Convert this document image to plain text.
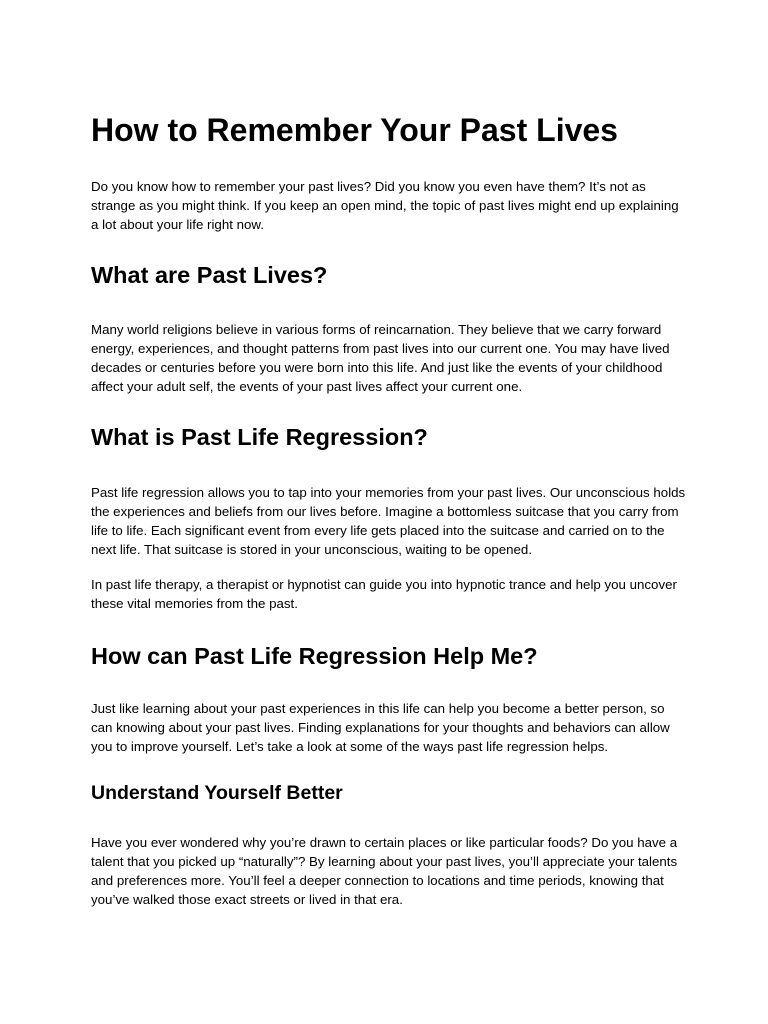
How to Remember Your Past Lives

Do you know how to remember your past lives? Did you know you even have them? It’s not as strange as you might think. If you keep an open mind, the topic of past lives might end up explaining a lot about your life right now.

What are Past Lives?

Many world religions believe in various forms of reincarnation. They believe that we carry forward energy, experiences, and thought patterns from past lives into our current one. You may have lived decades or centuries before you were born into this life. And just like the events of your childhood affect your adult self, the events of your past lives affect your current one.

What is Past Life Regression?

Past life regression allows you to tap into your memories from your past lives. Our unconscious holds the experiences and beliefs from our lives before. Imagine a bottomless suitcase that you carry from life to life. Each significant event from every life gets placed into the suitcase and carried on to the next life. That suitcase is stored in your unconscious, waiting to be opened.

In past life therapy, a therapist or hypnotist can guide you into hypnotic trance and help you uncover these vital memories from the past.

How can Past Life Regression Help Me?

Just like learning about your past experiences in this life can help you become a better person, so can knowing about your past lives. Finding explanations for your thoughts and behaviors can allow you to improve yourself. Let’s take a look at some of the ways past life regression helps.

Understand Yourself Better

Have you ever wondered why you’re drawn to certain places or like particular foods? Do you have a talent that you picked up “naturally”? By learning about your past lives, you’ll appreciate your talents and preferences more. You’ll feel a deeper connection to locations and time periods, knowing that you’ve walked those exact streets or lived in that era.
